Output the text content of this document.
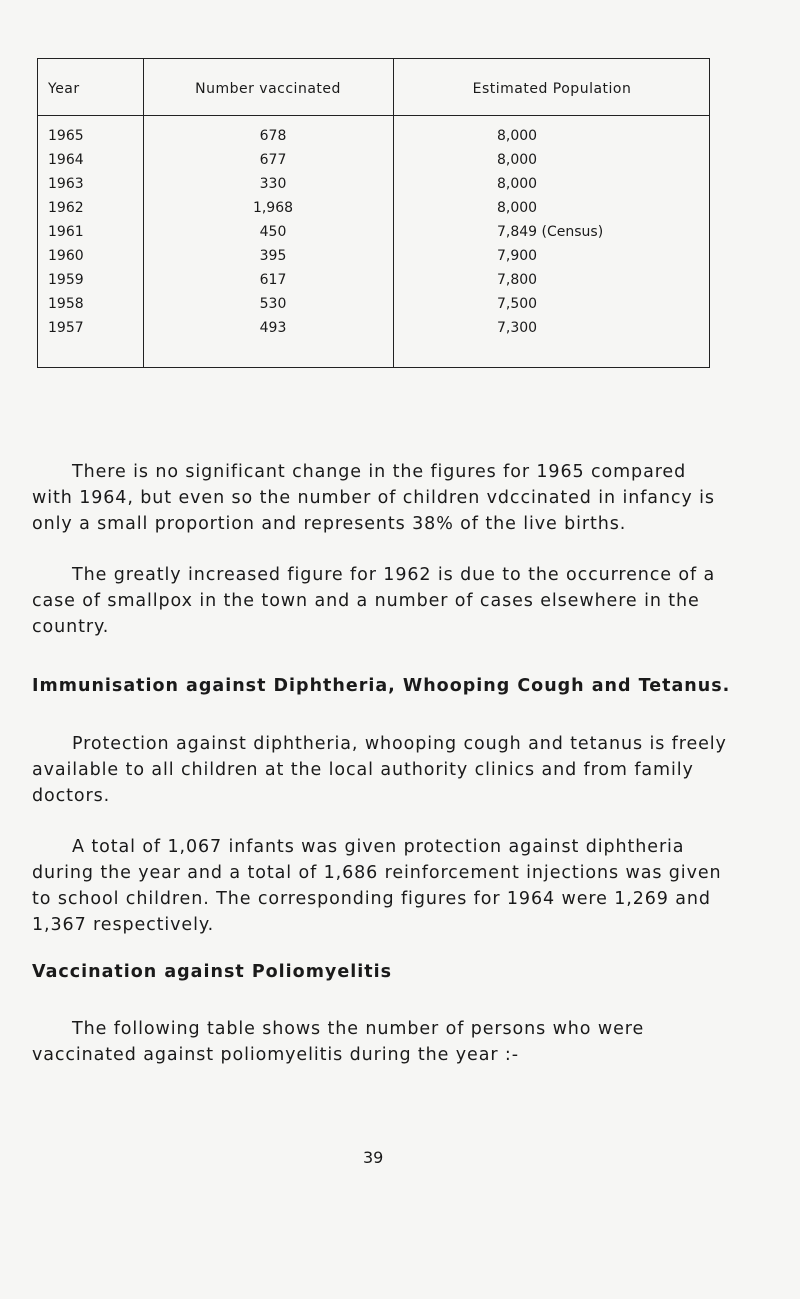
Year	Number vaccinated	Estimated Population
1965	678	8,000
1964	677	8,000
1963	330	8,000
1962	1,968	8,000
1961	450	7,849 (Census)
1960	395	7,900
1959	617	7,800
1958	530	7,500
1957	493	7,300
There is no significant change in the figures for 1965 compared with 1964, but even so the number of children vdccinated in infancy is only a small proportion and represents 38% of the live births.
The greatly increased figure for 1962 is due to the occurrence of a case of smallpox in the town and a number of cases elsewhere in the country.
Immunisation against Diphtheria, Whooping Cough and Tetanus.
Protection against diphtheria, whooping cough and tetanus is freely available to all children at the local authority clinics and from family doctors.
A total of 1,067 infants was given protection against diphtheria during the year and a total of 1,686 reinforcement injections was given to school children. The corresponding figures for 1964 were 1,269 and 1,367 respectively.
Vaccination against Poliomyelitis
The following table shows the number of persons who were vaccinated against poliomyelitis during the year :-
39
